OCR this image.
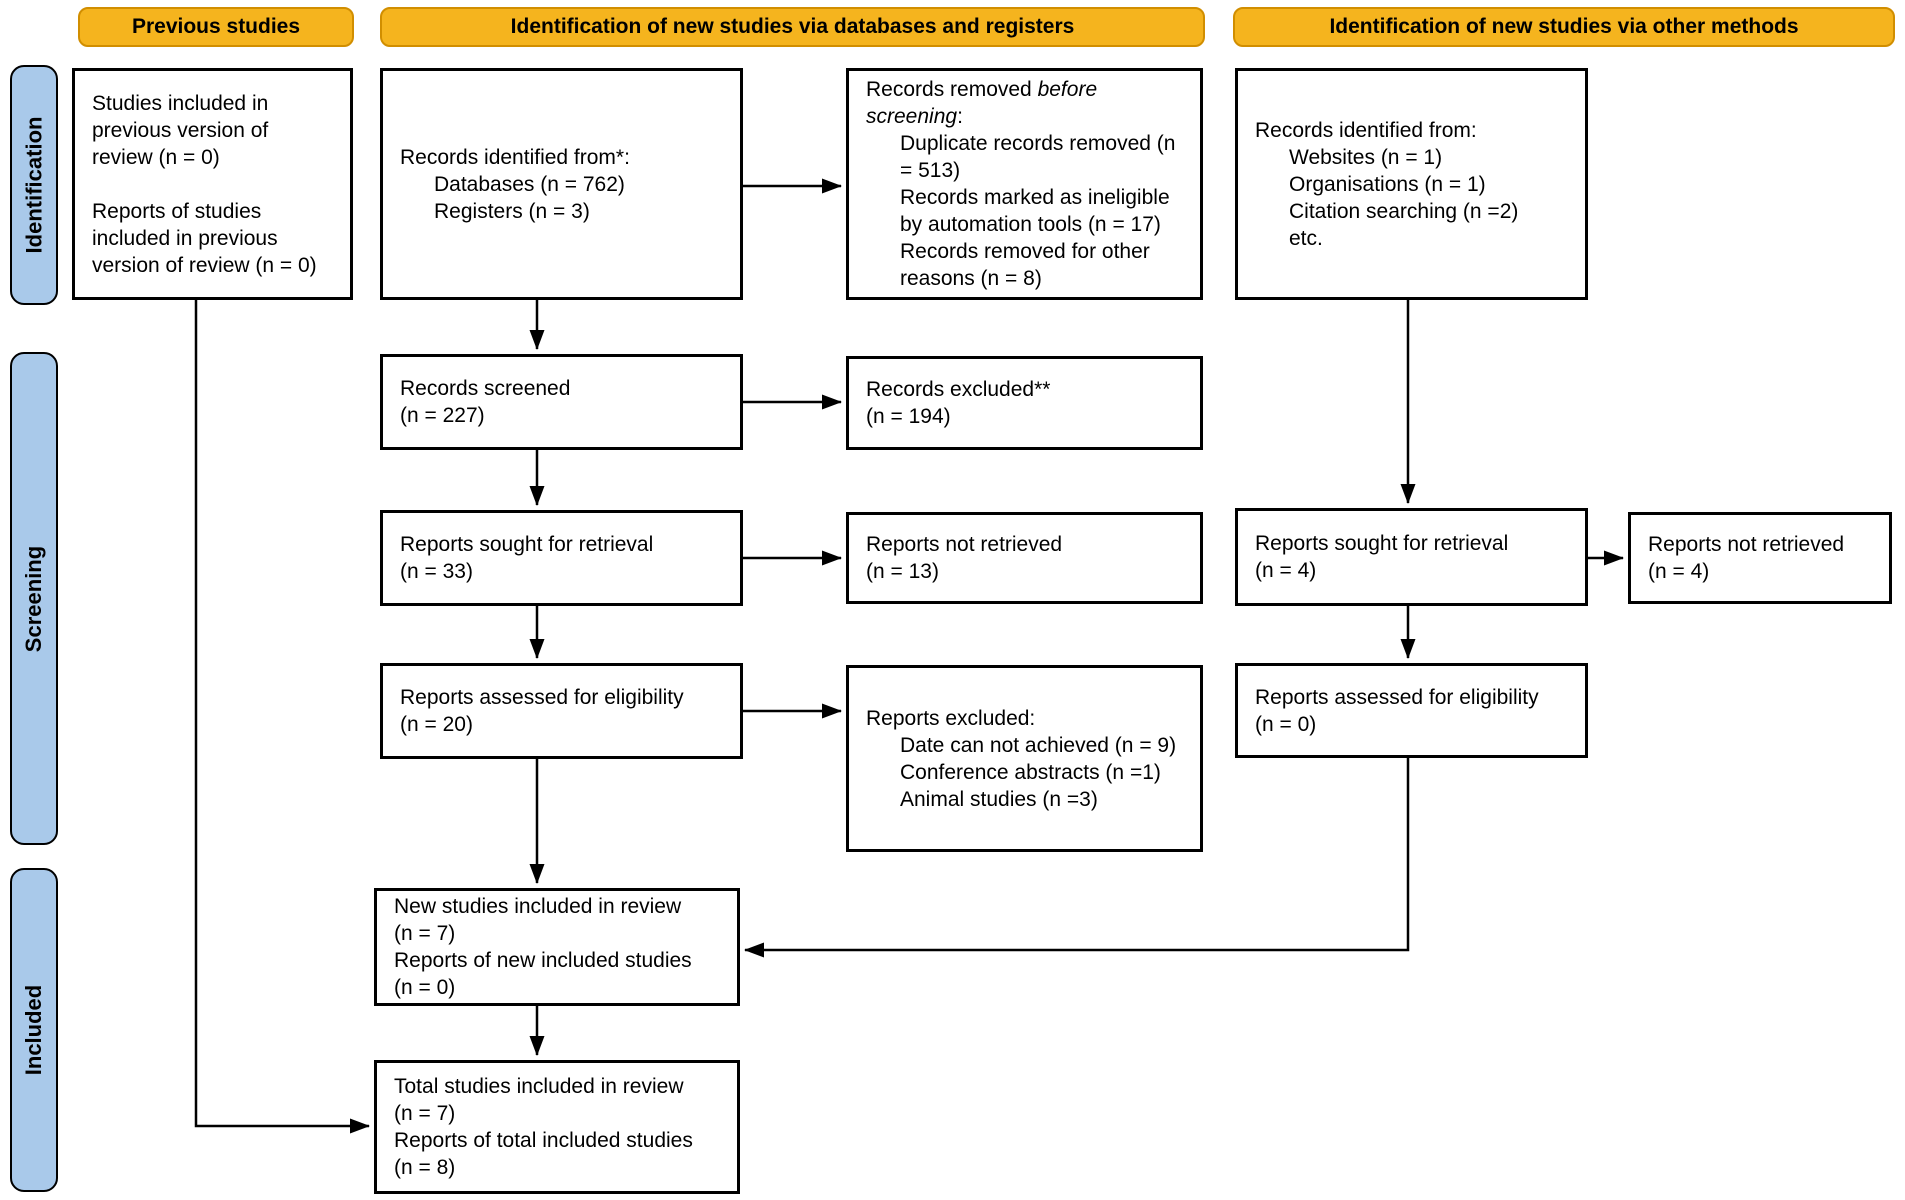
Previous studies	Identification of new studies via databases and registers	Identification of new studies via other methods
Identification
Screening
Included
Studies included in previous version of review (n = 0)
Reports of studies included in previous version of review (n = 0)
Records identified from*:
Databases (n = 762)
Registers (n = 3)
Records removed before
screening:
Duplicate records removed (n = 513)
Records marked as ineligible by automation tools (n = 17)
Records removed for other reasons (n = 8)
Records screened
(n = 227)
Records excluded**
(n = 194)
Reports sought for retrieval
(n = 33)
Reports not retrieved
(n = 13)
Reports assessed for eligibility
(n = 20)	Reports excluded:
Date can not achieved (n = 9)
Conference abstracts (n =1)
Animal studies (n =3)
New studies included in review
(n = 7)
Reports of new included studies
(n = 0)
Total studies included in review
(n = 7)
Reports of total included studies
(n = 8)
Records identified from:
Websites (n = 1)
Organisations (n = 1)
Citation searching (n =2)
etc.
Reports sought for retrieval
(n = 4)
Reports not retrieved
(n = 4)
Reports assessed for eligibility
(n = 0)
